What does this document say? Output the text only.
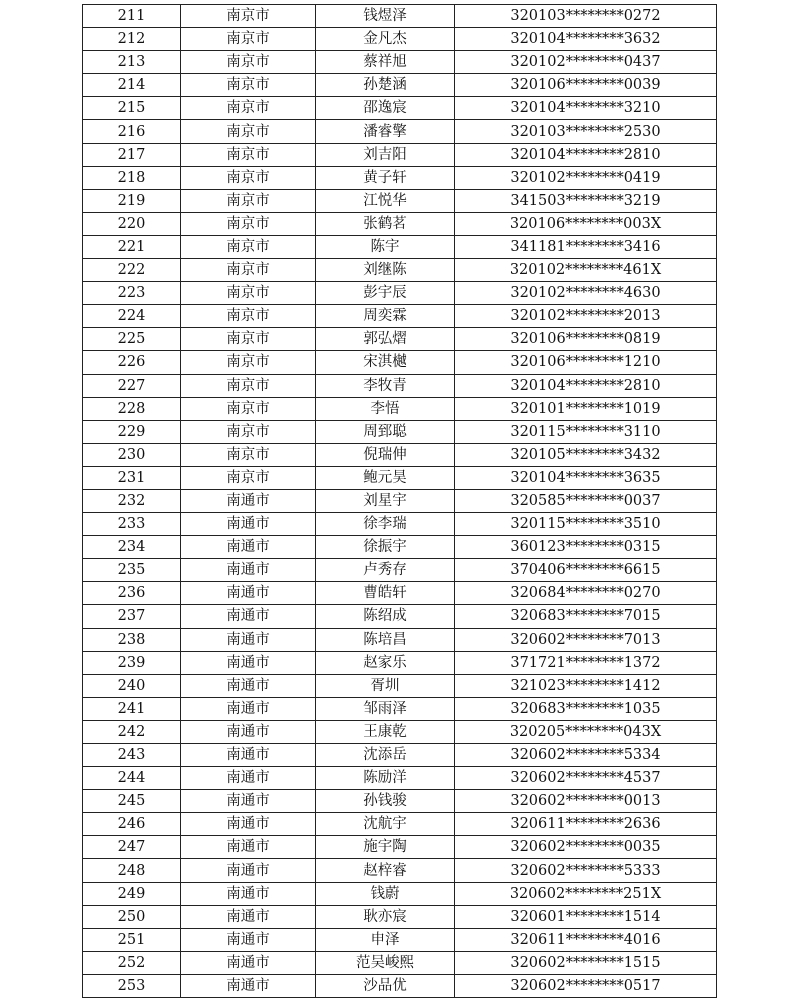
211	南京市	钱煜泽	320103********0272
212	南京市	金凡杰	320104********3632
213	南京市	蔡祥旭	320102********0437
214	南京市	孙楚涵	320106********0039
215	南京市	邵逸宸	320104********3210
216	南京市	潘睿擎	320103********2530
217	南京市	刘吉阳	320104********2810
218	南京市	黄子轩	320102********0419
219	南京市	江悦华	341503********3219
220	南京市	张鹤茗	320106********003X
221	南京市	陈宇	341181********3416
222	南京市	刘继陈	320102********461X
223	南京市	彭宇辰	320102********4630
224	南京市	周奕霖	320102********2013
225	南京市	郭弘熠	320106********0819
226	南京市	宋淇樾	320106********1210
227	南京市	李牧青	320104********2810
228	南京市	李悟	320101********1019
229	南京市	周郅聪	320115********3110
230	南京市	倪瑞伸	320105********3432
231	南京市	鲍元昊	320104********3635
232	南通市	刘星宇	320585********0037
233	南通市	徐李瑞	320115********3510
234	南通市	徐振宇	360123********0315
235	南通市	卢秀存	370406********6615
236	南通市	曹皓轩	320684********0270
237	南通市	陈绍成	320683********7015
238	南通市	陈培昌	320602********7013
239	南通市	赵家乐	371721********1372
240	南通市	胥圳	321023********1412
241	南通市	邹雨泽	320683********1035
242	南通市	王康乾	320205********043X
243	南通市	沈添岳	320602********5334
244	南通市	陈励洋	320602********4537
245	南通市	孙钱骏	320602********0013
246	南通市	沈航宇	320611********2636
247	南通市	施宇陶	320602********0035
248	南通市	赵梓睿	320602********5333
249	南通市	钱蔚	320602********251X
250	南通市	耿亦宸	320601********1514
251	南通市	申泽	320611********4016
252	南通市	范吴峻熙	320602********1515
253	南通市	沙品优	320602********0517
